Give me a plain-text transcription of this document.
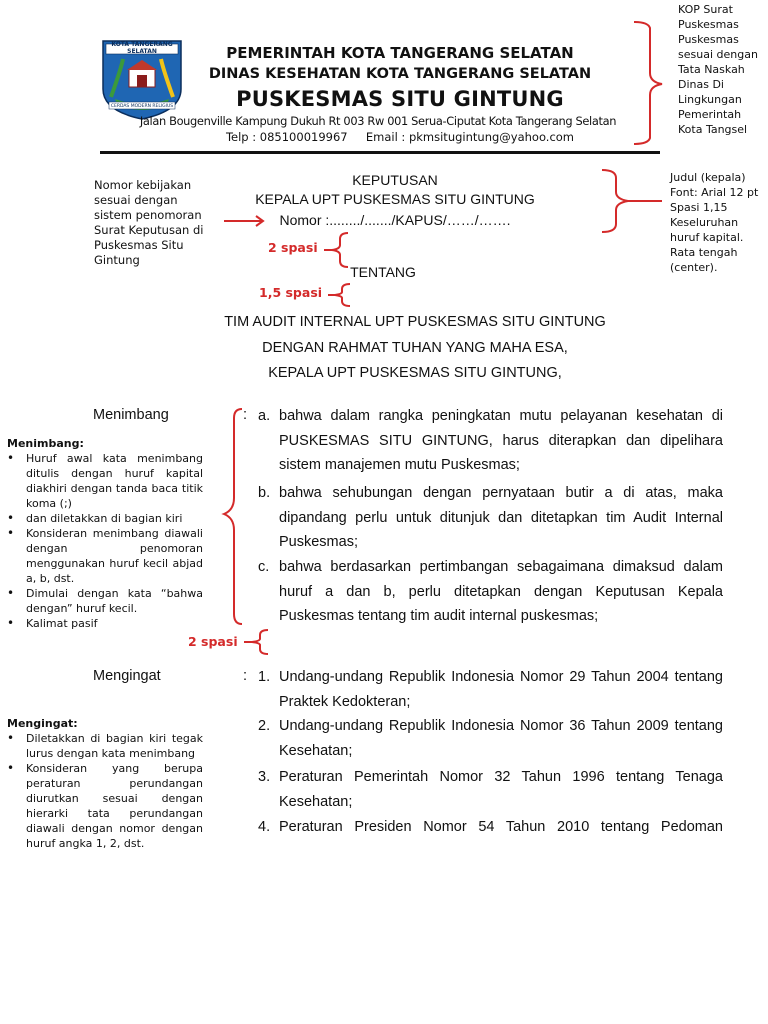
KOTA TANGERANG SELATAN
CERDAS MODERN RELIGIUS
PEMERINTAH KOTA TANGERANG SELATAN
DINAS KESEHATAN KOTA TANGERANG SELATAN
PUSKESMAS SITU GINTUNG
Jalan Bougenville Kampung Dukuh Rt 003 Rw 001 Serua-Ciputat Kota Tangerang Selatan
Telp : 085100019967     Email : pkmsitugintung@yahoo.com
KOP Surat Puskesmas Puskesmas sesuai dengan Tata Naskah Dinas Di Lingkungan Pemerintah Kota Tangsel
KEPUTUSAN
KEPALA UPT PUSKESMAS SITU GINTUNG
Nomor :......../......./KAPUS/……/…….
TENTANG
TIM AUDIT INTERNAL UPT PUSKESMAS SITU GINTUNG
DENGAN RAHMAT TUHAN YANG MAHA ESA,
KEPALA UPT PUSKESMAS SITU GINTUNG,
Nomor kebijakan sesuai dengan sistem penomoran Surat Keputusan di Puskesmas Situ Gintung
Judul (kepala) Font: Arial 12 pt Spasi 1,15 Keseluruhan huruf kapital. Rata tengah (center).
2 spasi
1,5 spasi
Menimbang	: a. bahwa dalam rangka peningkatan mutu pelayanan kesehatan di PUSKESMAS SITU GINTUNG, harus diterapkan dan dipelihara sistem manajemen mutu Puskesmas;
b. bahwa sehubungan dengan pernyataan butir a di atas, maka dipandang perlu untuk ditunjuk dan ditetapkan tim Audit Internal Puskesmas;
c. bahwa berdasarkan pertimbangan sebagaimana dimaksud dalam huruf a dan b, perlu ditetapkan dengan Keputusan Kepala Puskesmas tentang tim audit internal puskesmas;
Menimbang:
• Huruf awal kata menimbang ditulis dengan huruf kapital diakhiri dengan tanda baca titik koma (;)
• dan diletakkan di bagian kiri
• Konsideran menimbang diawali dengan penomoran menggunakan huruf kecil abjad a, b, dst.
• Dimulai dengan kata “bahwa dengan” huruf kecil.
• Kalimat pasif
2 spasi
Mengingat	: 1. Undang-undang Republik Indonesia Nomor 29 Tahun 2004 tentang Praktek Kedokteran;
2. Undang-undang Republik Indonesia Nomor 36 Tahun 2009 tentang Kesehatan;
3. Peraturan Pemerintah Nomor 32 Tahun 1996 tentang Tenaga Kesehatan;
4. Peraturan Presiden Nomor 54 Tahun 2010 tentang Pedoman
Mengingat:
• Diletakkan di bagian kiri tegak lurus dengan kata menimbang
• Konsideran yang berupa peraturan perundangan diurutkan sesuai dengan hierarki tata perundangan diawali dengan nomor dengan huruf angka 1, 2, dst.
